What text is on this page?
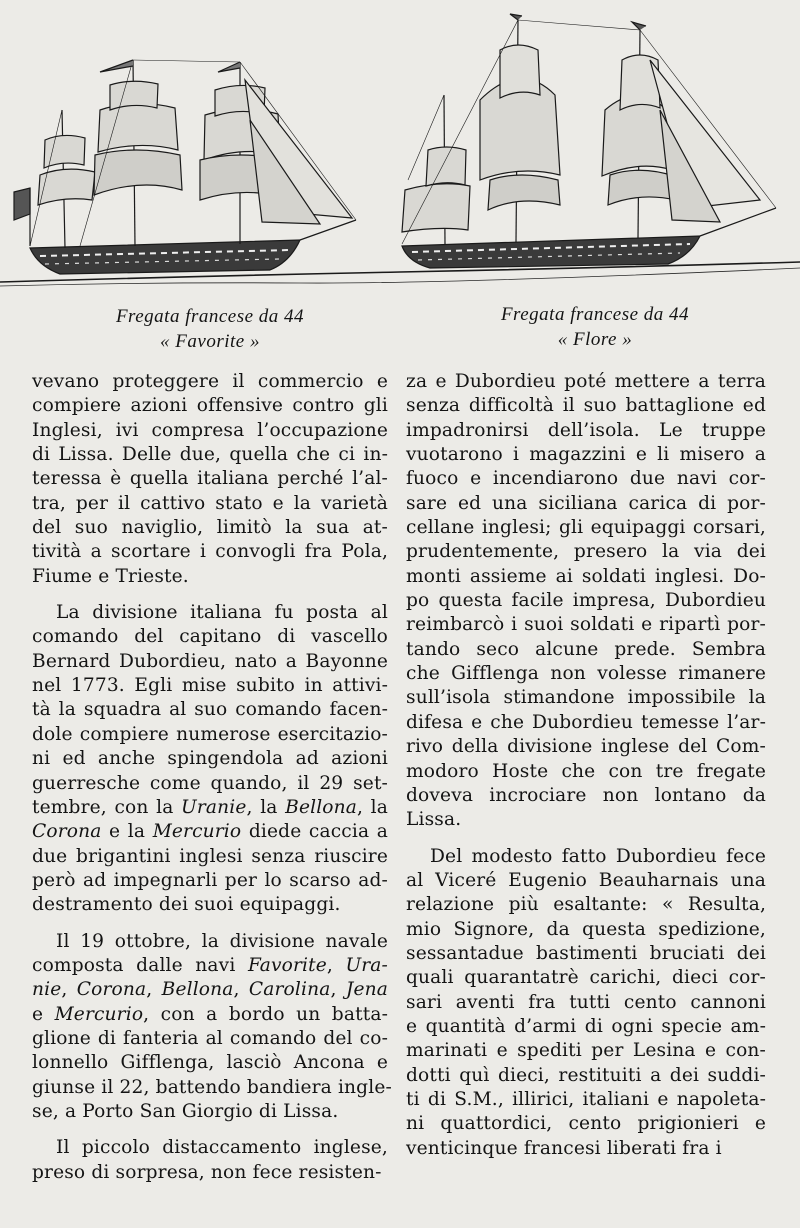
Fregata francese da 44
« Favorite »
Fregata francese da 44
« Flore »
vevano proteggere il commercio e
compiere azioni offensive contro gli
Inglesi, ivi compresa l’occupazione
di Lissa. Delle due, quella che ci in-
teressa è quella italiana perché l’al-
tra, per il cattivo stato e la varietà
del suo naviglio, limitò la sua at-
tività a scortare i convogli fra Pola,
Fiume e Trieste.
La divisione italiana fu posta al
comando del capitano di vascello
Bernard Dubordieu, nato a Bayonne
nel 1773. Egli mise subito in attivi-
tà la squadra al suo comando facen-
dole compiere numerose esercitazio-
ni ed anche spingendola ad azioni
guerresche come quando, il 29 set-
tembre, con la Uranie, la Bellona, la
Corona e la Mercurio diede caccia a
due brigantini inglesi senza riuscire
però ad impegnarli per lo scarso ad-
destramento dei suoi equipaggi.
Il 19 ottobre, la divisione navale
composta dalle navi Favorite, Ura-
nie, Corona, Bellona, Carolina, Jena
e Mercurio, con a bordo un batta-
glione di fanteria al comando del co-
lonnello Gifflenga, lasciò Ancona e
giunse il 22, battendo bandiera ingle-
se, a Porto San Giorgio di Lissa.
Il piccolo distaccamento inglese,
preso di sorpresa, non fece resisten-
za e Dubordieu poté mettere a terra
senza difficoltà il suo battaglione ed
impadronirsi dell’isola. Le truppe
vuotarono i magazzini e li misero a
fuoco e incendiarono due navi cor-
sare ed una siciliana carica di por-
cellane inglesi; gli equipaggi corsari,
prudentemente, presero la via dei
monti assieme ai soldati inglesi. Do-
po questa facile impresa, Dubordieu
reimbarcò i suoi soldati e ripartì por-
tando seco alcune prede. Sembra
che Gifflenga non volesse rimanere
sull’isola stimandone impossibile la
difesa e che Dubordieu temesse l’ar-
rivo della divisione inglese del Com-
modoro Hoste che con tre fregate
doveva incrociare non lontano da
Lissa.
Del modesto fatto Dubordieu fece
al Viceré Eugenio Beauharnais una
relazione più esaltante: « Resulta,
mio Signore, da questa spedizione,
sessantadue bastimenti bruciati dei
quali quarantatrè carichi, dieci cor-
sari aventi fra tutti cento cannoni
e quantità d’armi di ogni specie am-
marinati e spediti per Lesina e con-
dotti quì dieci, restituiti a dei suddi-
ti di S.M., illirici, italiani e napoleta-
ni quattordici, cento prigionieri e
venticinque francesi liberati fra i
